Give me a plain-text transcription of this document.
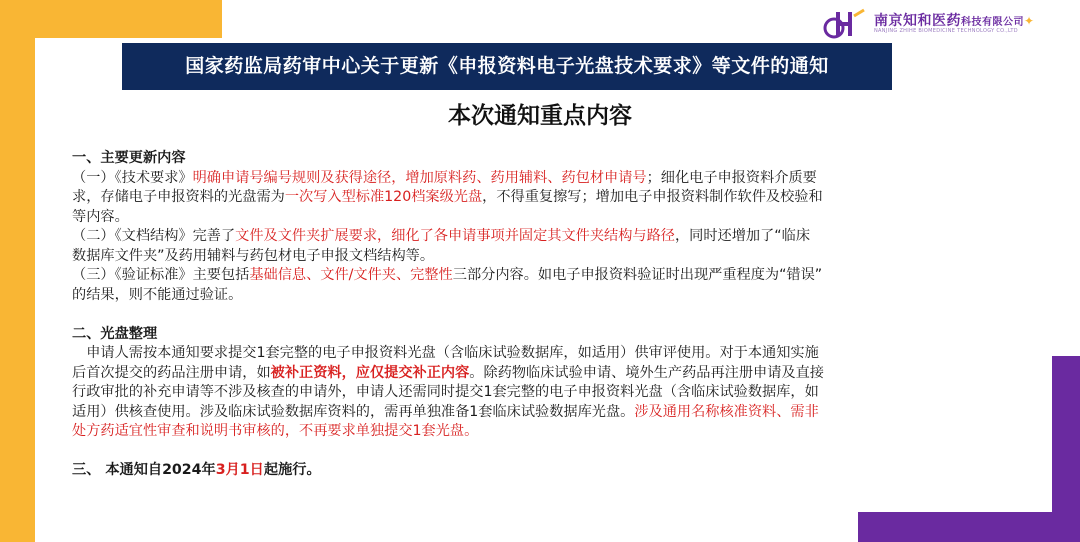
南京知和医药科技有限公司✦
NANJING ZHIHE BIOMEDICINE TECHNOLOGY CO.,LTD
国家药监局药审中心关于更新《申报资料电子光盘技术要求》等文件的通知
本次通知重点内容
一、主要更新内容
（一）《技术要求》明确申请号编号规则及获得途径，增加原料药、药用辅料、药包材申请号；细化电子申报资料介质要
求，存储电子申报资料的光盘需为一次写入型标准120档案级光盘，不得重复擦写；增加电子申报资料制作软件及校验和
等内容。
（二）《文档结构》完善了文件及文件夹扩展要求，细化了各申请事项并固定其文件夹结构与路径，同时还增加了“临床
数据库文件夹”及药用辅料与药包材电子申报文档结构等。
（三）《验证标准》主要包括基础信息、文件/文件夹、完整性三部分内容。如电子申报资料验证时出现严重程度为“错误”
的结果，则不能通过验证。
二、光盘整理
　申请人需按本通知要求提交1套完整的电子申报资料光盘（含临床试验数据库，如适用）供审评使用。对于本通知实施
后首次提交的药品注册申请，如被补正资料，应仅提交补正内容。除药物临床试验申请、境外生产药品再注册申请及直接
行政审批的补充申请等不涉及核查的申请外，申请人还需同时提交1套完整的电子申报资料光盘（含临床试验数据库，如
适用）供核查使用。涉及临床试验数据库资料的，需再单独准备1套临床试验数据库光盘。涉及通用名称核准资料、需非
处方药适宜性审查和说明书审核的，不再要求单独提交1套光盘。
三、 本通知自2024年3月1日起施行。
